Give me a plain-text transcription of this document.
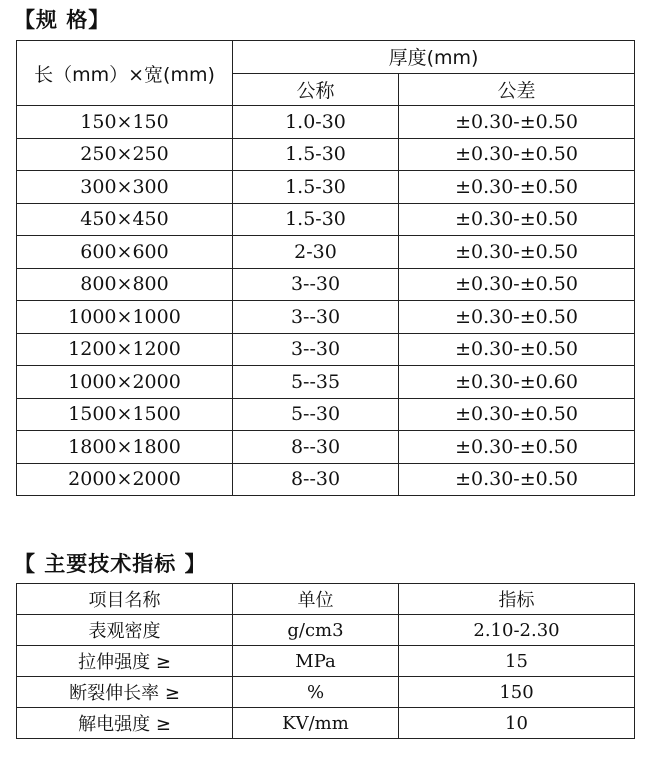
【规 格】
长（mm）×宽(mm)	厚度(mm)	
	公称	公差
150×150	1.0-30	±0.30-±0.50
250×250	1.5-30	±0.30-±0.50
300×300	1.5-30	±0.30-±0.50
450×450	1.5-30	±0.30-±0.50
600×600	2-30	±0.30-±0.50
800×800	3--30	±0.30-±0.50
1000×1000	3--30	±0.30-±0.50
1200×1200	3--30	±0.30-±0.50
1000×2000	5--35	±0.30-±0.60
1500×1500	5--30	±0.30-±0.50
1800×1800	8--30	±0.30-±0.50
2000×2000	8--30	±0.30-±0.50
【 主要技术指标 】
项目名称	单位	指标
表观密度	g/cm3	2.10-2.30
拉伸强度 ≥	MPa	15
断裂伸长率 ≥	%	150
解电强度 ≥	KV/mm	10
